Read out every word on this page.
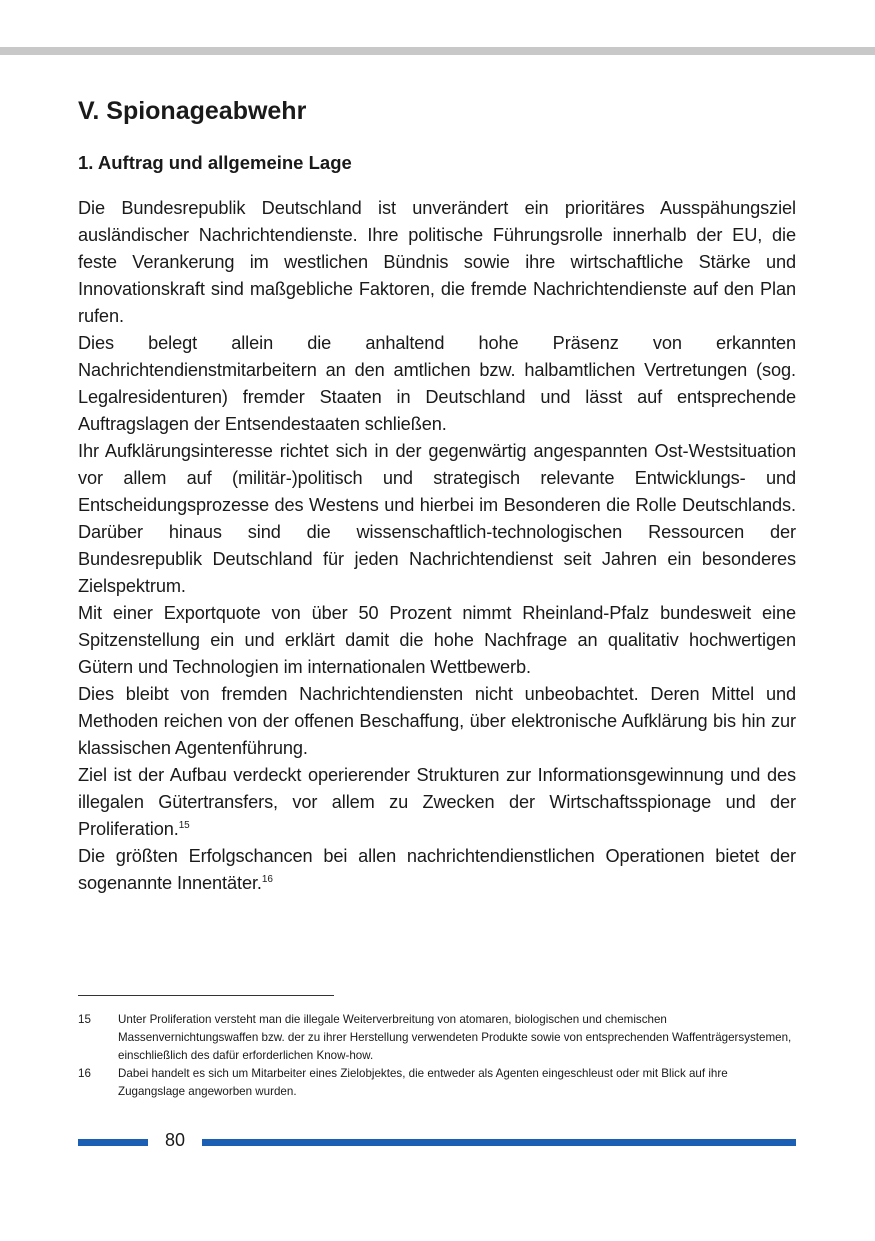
V. Spionageabwehr
1. Auftrag und allgemeine Lage

Die Bundesrepublik Deutschland ist unverändert ein prioritäres Ausspähungsziel ausländischer Nachrichtendienste. Ihre politische Führungsrolle innerhalb der EU, die feste Verankerung im westlichen Bündnis sowie ihre wirtschaftliche Stärke und Innovationskraft sind maßgebliche Faktoren, die fremde Nachrichtendienste auf den Plan rufen.

Dies belegt allein die anhaltend hohe Präsenz von erkannten Nachrichtendienstmitarbeitern an den amtlichen bzw. halbamtlichen Vertretungen (sog. Legalresidenturen) fremder Staaten in Deutschland und lässt auf entsprechende Auftragslagen der Entsendestaaten schließen.

Ihr Aufklärungsinteresse richtet sich in der gegenwärtig angespannten Ost-Westsituation vor allem auf (militär-)politisch und strategisch relevante Entwicklungs- und Entscheidungsprozesse des Westens und hierbei im Besonderen die Rolle Deutschlands. Darüber hinaus sind die wissenschaftlich-technologischen Ressourcen der Bundesrepublik Deutschland für jeden Nachrichtendienst seit Jahren ein besonderes Zielspektrum.

Mit einer Exportquote von über 50 Prozent nimmt Rheinland-Pfalz bundesweit eine Spitzenstellung ein und erklärt damit die hohe Nachfrage an qualitativ hochwertigen Gütern und Technologien im internationalen Wettbewerb.

Dies bleibt von fremden Nachrichtendiensten nicht unbeobachtet. Deren Mittel und Methoden reichen von der offenen Beschaffung, über elektronische Aufklärung bis hin zur klassischen Agentenführung.

Ziel ist der Aufbau verdeckt operierender Strukturen zur Informationsgewinnung und des illegalen Gütertransfers, vor allem zu Zwecken der Wirtschaftsspionage und der Proliferation.$^{15}$

Die größten Erfolgschancen bei allen nachrichtendienstlichen Operationen bietet der sogenannte Innentäter.$^{16}$

15	Unter Proliferation versteht man die illegale Weiterverbreitung von atomaren, biologischen und chemischen Massenvernichtungswaffen bzw. der zu ihrer Herstellung verwendeten Produkte sowie von entsprechenden Waffenträgersystemen, einschließlich des dafür erforderlichen Know-how.
16	Dabei handelt es sich um Mitarbeiter eines Zielobjektes, die entweder als Agenten eingeschleust oder mit Blick auf ihre Zugangslage angeworben wurden.
80
